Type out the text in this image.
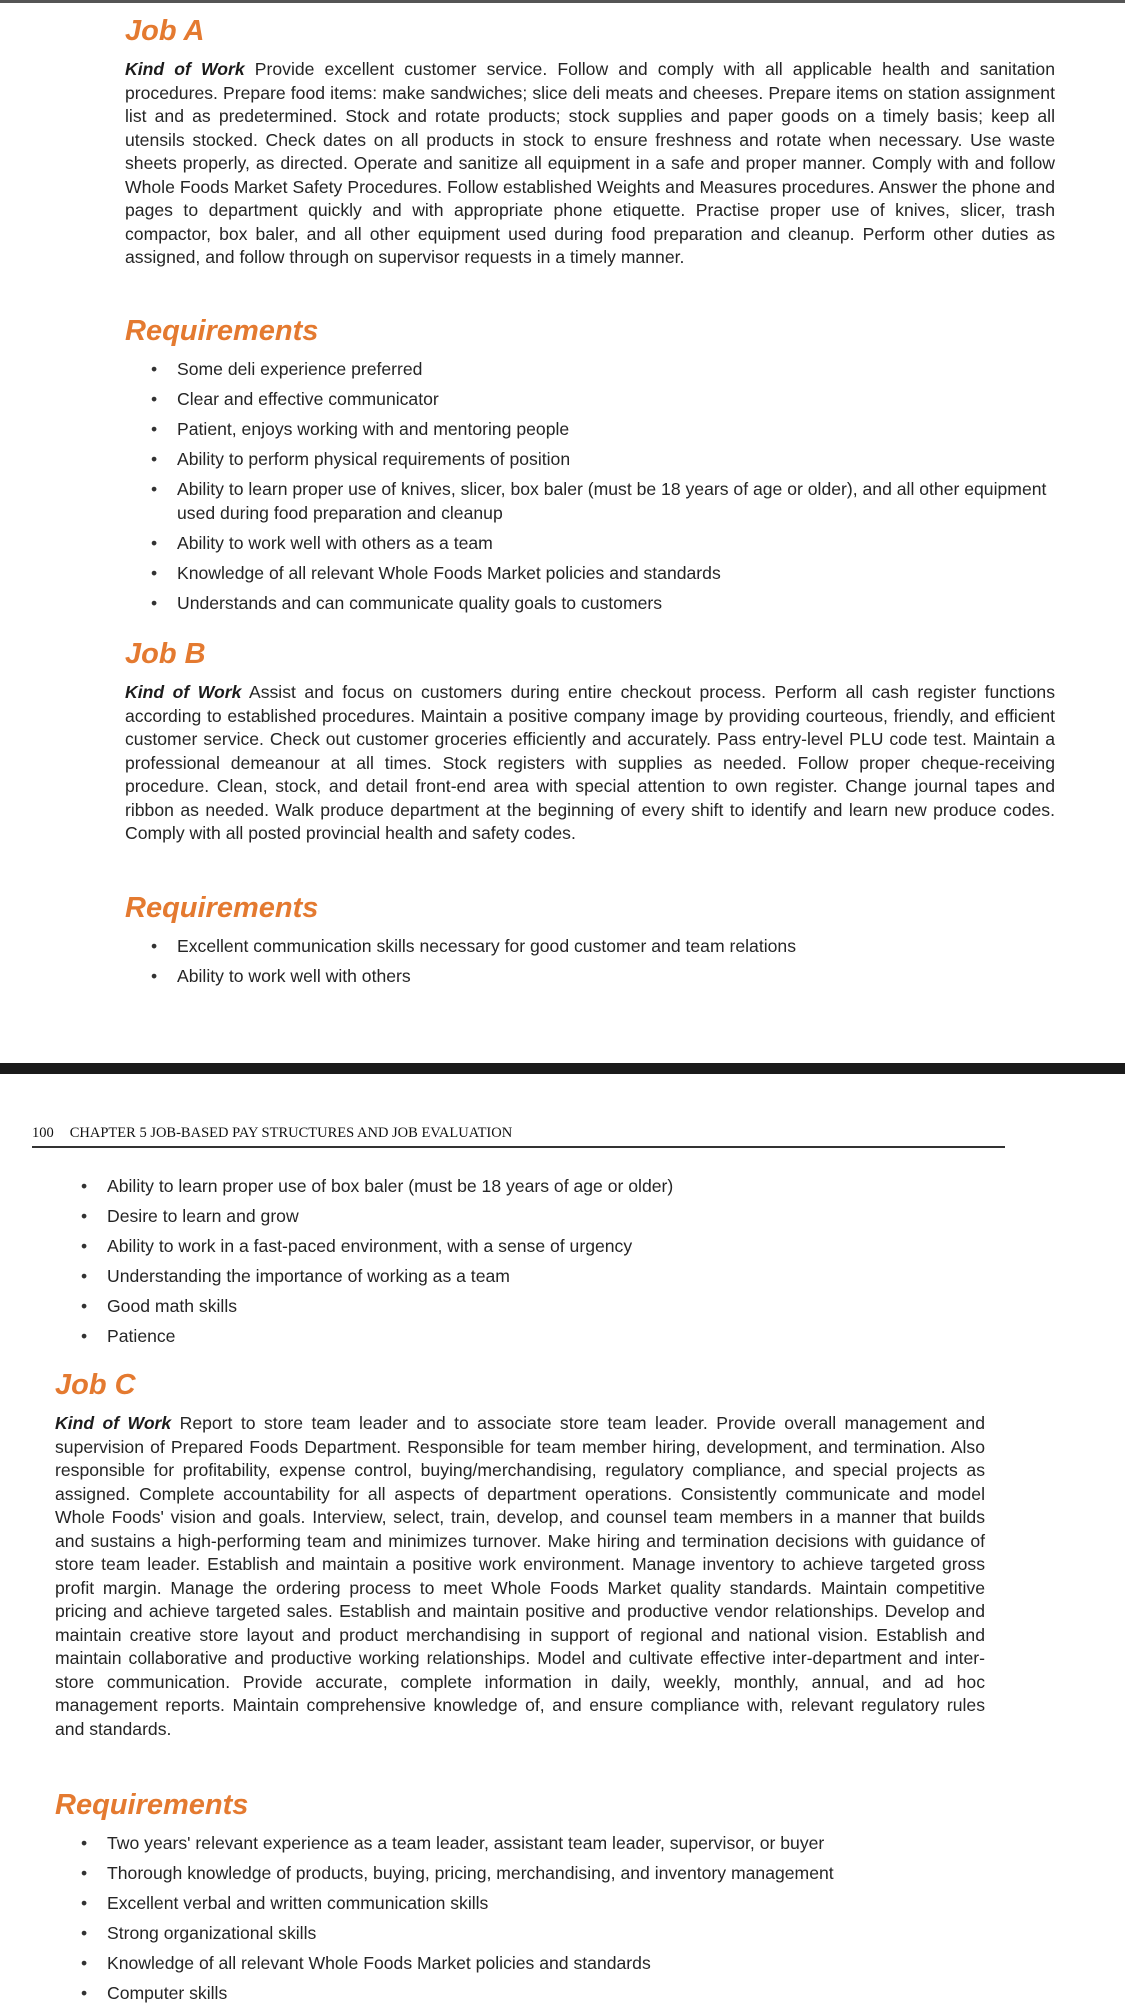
Job A

Kind of Work Provide excellent customer service. Follow and comply with all applicable health and sanitation procedures. Prepare food items: make sandwiches; slice deli meats and cheeses. Prepare items on station assignment list and as predetermined. Stock and rotate products; stock supplies and paper goods on a timely basis; keep all utensils stocked. Check dates on all products in stock to ensure freshness and rotate when necessary. Use waste sheets properly, as directed. Operate and sanitize all equipment in a safe and proper manner. Comply with and follow Whole Foods Market Safety Procedures. Follow established Weights and Measures procedures. Answer the phone and pages to department quickly and with appropriate phone etiquette. Practise proper use of knives, slicer, trash compactor, box baler, and all other equipment used during food preparation and cleanup. Perform other duties as assigned, and follow through on supervisor requests in a timely manner.

Requirements
• Some deli experience preferred
• Clear and effective communicator
• Patient, enjoys working with and mentoring people
• Ability to perform physical requirements of position
• Ability to learn proper use of knives, slicer, box baler (must be 18 years of age or older), and all other equipment used during food preparation and cleanup
• Ability to work well with others as a team
• Knowledge of all relevant Whole Foods Market policies and standards
• Understands and can communicate quality goals to customers
Job B

Kind of Work Assist and focus on customers during entire checkout process. Perform all cash register functions according to established procedures. Maintain a positive company image by providing courteous, friendly, and efficient customer service. Check out customer groceries efficiently and accurately. Pass entry-level PLU code test. Maintain a professional demeanour at all times. Stock registers with supplies as needed. Follow proper cheque-receiving procedure. Clean, stock, and detail front-end area with special attention to own register. Change journal tapes and ribbon as needed. Walk produce department at the beginning of every shift to identify and learn new produce codes. Comply with all posted provincial health and safety codes.

Requirements
• Excellent communication skills necessary for good customer and team relations
• Ability to work well with others
100 CHAPTER 5 JOB-BASED PAY STRUCTURES AND JOB EVALUATION
• Ability to learn proper use of box baler (must be 18 years of age or older)
• Desire to learn and grow
• Ability to work in a fast-paced environment, with a sense of urgency
• Understanding the importance of working as a team
• Good math skills
• Patience
Job C

Kind of Work Report to store team leader and to associate store team leader. Provide overall management and supervision of Prepared Foods Department. Responsible for team member hiring, development, and termination. Also responsible for profitability, expense control, buying/merchandising, regulatory compliance, and special projects as assigned. Complete accountability for all aspects of department operations. Consistently communicate and model Whole Foods' vision and goals. Interview, select, train, develop, and counsel team members in a manner that builds and sustains a high-performing team and minimizes turnover. Make hiring and termination decisions with guidance of store team leader. Establish and maintain a positive work environment. Manage inventory to achieve targeted gross profit margin. Manage the ordering process to meet Whole Foods Market quality standards. Maintain competitive pricing and achieve targeted sales. Establish and maintain positive and productive vendor relationships. Develop and maintain creative store layout and product merchandising in support of regional and national vision. Establish and maintain collaborative and productive working relationships. Model and cultivate effective inter-department and inter-store communication. Provide accurate, complete information in daily, weekly, monthly, annual, and ad hoc management reports. Maintain comprehensive knowledge of, and ensure compliance with, relevant regulatory rules and standards.

Requirements
• Two years' relevant experience as a team leader, assistant team leader, supervisor, or buyer
• Thorough knowledge of products, buying, pricing, merchandising, and inventory management
• Excellent verbal and written communication skills
• Strong organizational skills
• Knowledge of all relevant Whole Foods Market policies and standards
• Computer skills
